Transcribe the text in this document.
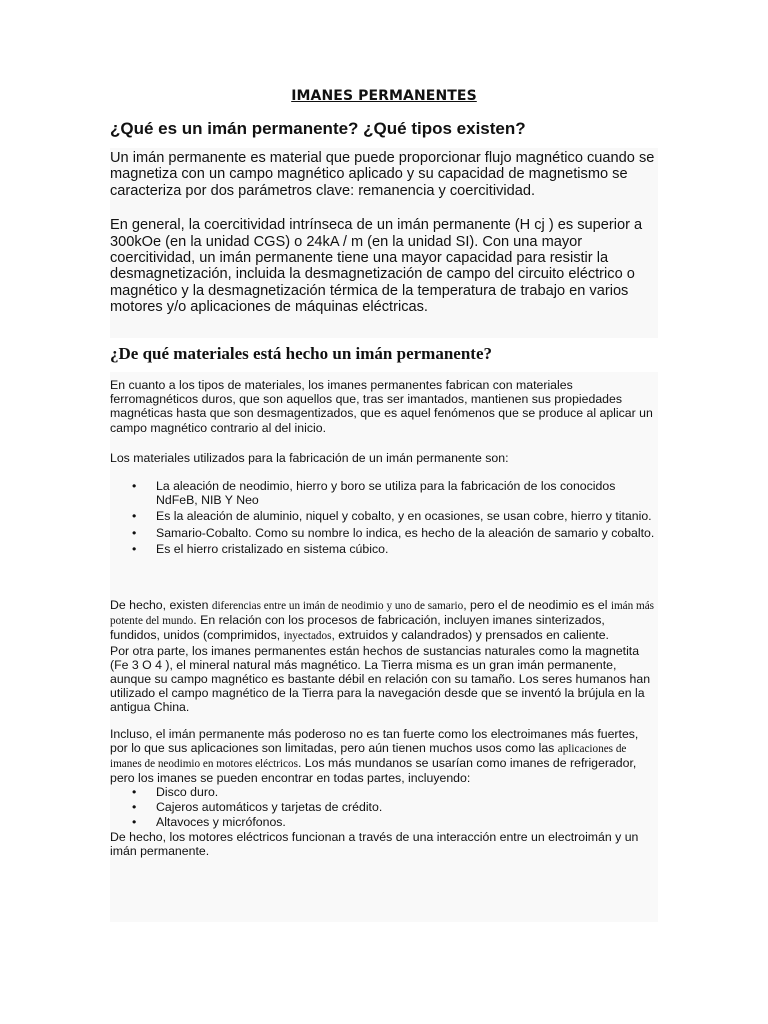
IMANES PERMANENTES
¿Qué es un imán permanente? ¿Qué tipos existen?

Un imán permanente es material que puede proporcionar flujo magnético cuando se magnetiza con un campo magnético aplicado y su capacidad de magnetismo se caracteriza por dos parámetros clave: remanencia y coercitividad.

En general, la coercitividad intrínseca de un imán permanente (H cj ) es superior a 300kOe (en la unidad CGS) o 24kA / m (en la unidad SI). Con una mayor coercitividad, un imán permanente tiene una mayor capacidad para resistir la desmagnetización, incluida la desmagnetización de campo del circuito eléctrico o magnético y la desmagnetización térmica de la temperatura de trabajo en varios motores y/o aplicaciones de máquinas eléctricas.

¿De qué materiales está hecho un imán permanente?

En cuanto a los tipos de materiales, los imanes permanentes fabrican con materiales ferromagnéticos duros, que son aquellos que, tras ser imantados, mantienen sus propiedades magnéticas hasta que son desmagentizados, que es aquel fenómenos que se produce al aplicar un campo magnético contrario al del inicio.

Los materiales utilizados para la fabricación de un imán permanente son:

• La aleación de neodimio, hierro y boro se utiliza para la fabricación de los conocidos NdFeB, NIB Y Neo
• Es la aleación de aluminio, niquel y cobalto, y en ocasiones, se usan cobre, hierro y titanio.
• Samario-Cobalto. Como su nombre lo indica, es hecho de la aleación de samario y cobalto.
• Es el hierro cristalizado en sistema cúbico.

De hecho, existen diferencias entre un imán de neodimio y uno de samario, pero el de neodimio es el imán más potente del mundo. En relación con los procesos de fabricación, incluyen imanes sinterizados, fundidos, unidos (comprimidos, inyectados, extruidos y calandrados) y prensados en caliente.

Por otra parte, los imanes permanentes están hechos de sustancias naturales como la magnetita (Fe 3 O 4 ), el mineral natural más magnético. La Tierra misma es un gran imán permanente, aunque su campo magnético es bastante débil en relación con su tamaño. Los seres humanos han utilizado el campo magnético de la Tierra para la navegación desde que se inventó la brújula en la antigua China.

Incluso, el imán permanente más poderoso no es tan fuerte como los electroimanes más fuertes, por lo que sus aplicaciones son limitadas, pero aún tienen muchos usos como las aplicaciones de imanes de neodimio en motores eléctricos. Los más mundanos se usarían como imanes de refrigerador, pero los imanes se pueden encontrar en todas partes, incluyendo:

• Disco duro.
• Cajeros automáticos y tarjetas de crédito.
• Altavoces y micrófonos.

De hecho, los motores eléctricos funcionan a través de una interacción entre un electroimán y un imán permanente.
